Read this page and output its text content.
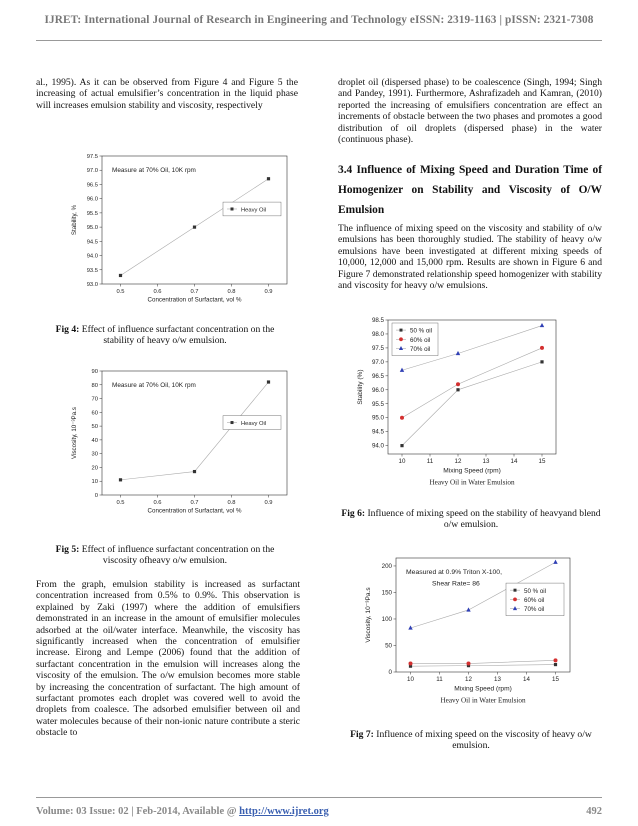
IJRET: International Journal of Research in Engineering and Technology eISSN: 2319-1163 | pISSN: 2321-7308
al., 1995). As it can be observed from Figure 4 and Figure 5 the increasing of actual emulsifier’s concentration in the liquid phase will increases emulsion stability and viscosity, respectively
93.0
93.5
94.0
94.5
95.0
95.5
96.0
96.5
97.0
97.5
0.5	0.6	0.7	0.8	0.9
Concentration of Surfactant, vol %
Stability, %
Measure at 70% Oil, 10K rpm
Heavy Oil
Fig 4: Effect of influence surfactant concentration on the stability of heavy o/w emulsion.
0
10
20
30
40
50
60
70
80
90
0.5	0.6	0.7	0.8	0.9
Concentration of Surfactant, vol %
Viscosity, 10⁻³Pa.s
Measure at 70% Oil, 10K rpm
Heavy Oil
Fig 5: Effect of influence surfactant concentration on the viscosity ofheavy o/w emulsion.
From the graph, emulsion stability is increased as surfactant concentration increased from 0.5% to 0.9%. This observation is explained by Zaki (1997) where the addition of emulsifiers demonstrated in an increase in the amount of emulsifier molecules adsorbed at the oil/water interface. Meanwhile, the viscosity has significantly increased when the concentration of emulsifier increase. Eirong and Lempe (2006) found that the addition of surfactant concentration in the emulsion will increases along the viscosity of the emulsion. The o/w emulsion becomes more stable by increasing the concentration of surfactant. The high amount of surfactant promotes each droplet was covered well to avoid the droplets from coalesce. The adsorbed emulsifier between oil and water molecules because of their non-ionic nature contribute a steric obstacle to
droplet oil (dispersed phase) to be coalescence (Singh, 1994; Singh and Pandey, 1991). Furthermore, Ashrafizadeh and Kamran, (2010) reported the increasing of emulsifiers concentration are effect an increments of obstacle between the two phases and promotes a good distribution of oil droplets (dispersed phase) in the water (continuous phase).
3.4 Influence of Mixing Speed and Duration Time of Homogenizer on Stability and Viscosity of O/W Emulsion
The influence of mixing speed on the viscosity and stability of o/w emulsions has been thoroughly studied. The stability of heavy o/w emulsions have been investigated at different mixing speeds of 10,000, 12,000 and 15,000 rpm. Results are shown in Figure 6 and Figure 7 demonstrated relationship speed homogenizer with stability and viscosity for heavy o/w emulsions.
94.0
94.5
95.0
95.5
96.0
96.5
97.0
97.5
98.0
98.5
10	11	12	13	14	15
Mixing Speed (rpm)
Stability (%)
Heavy Oil in Water Emulsion
50 % oil
60% oil
70% oil
Fig 6: Influence of mixing speed on the stability of heavyand blend o/w emulsion.
0
50
100
150
200
10	11	12	13	14	15
Mixing Speed (rpm)
Viscosity, 10⁻³Pa.s
Heavy Oil in Water Emulsion
Measured at 0.9% Triton X-100,
Shear Rate= 86
50 % oil
60% oil
70% oil
Fig 7: Influence of mixing speed on the viscosity of heavy o/w emulsion.
Volume: 03 Issue: 02 | Feb-2014, Available @ http://www.ijret.org	492
